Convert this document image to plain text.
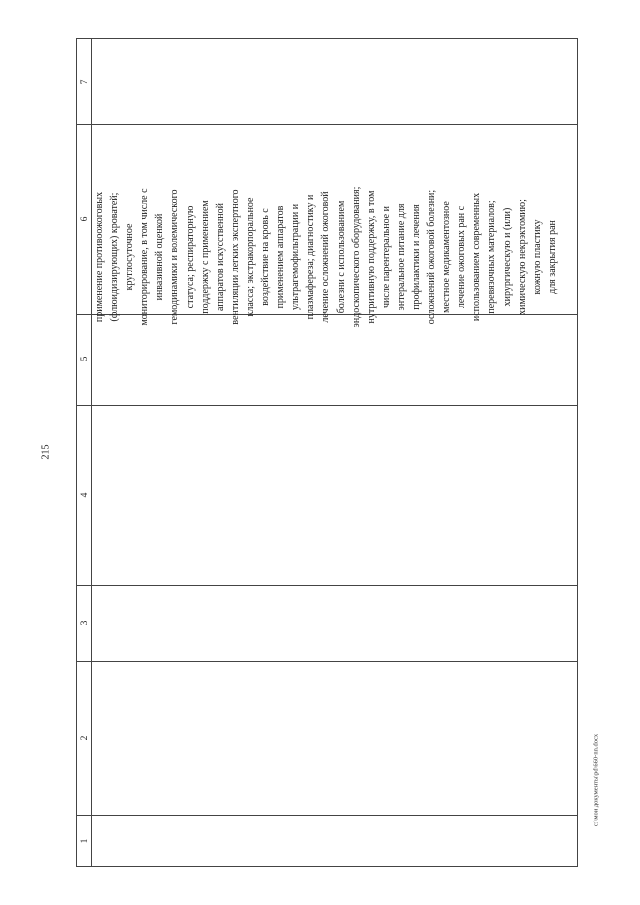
215
7
6
5
4
3
2
1
применение противоожоговых (флюидизирующих) кроватей; круглосуточное мониторирование, в том числе с инвазивной оценкой гемодинамики и волемического статуса; респираторную поддержку с применением аппаратов искусственной вентиляции легких экспертного класса; экстракорпоральное воздействие на кровь с применением аппаратов ультрагемофильтрации и плазмафереза; диагностику и лечение осложнений ожоговой болезни с использованием эндоскопического оборудования; нутритивную поддержку, в том числе парентеральное и энтеральное питание для профилактики и лечения осложнений ожоговой болезни; местное медикаментозное лечение ожоговых ран с использованием современных перевязочных материалов; хирургическую и (или) химическую некрэктомию; кожную пластику для закрытия ран
c:\мои документы\pd\660-nn.docx
